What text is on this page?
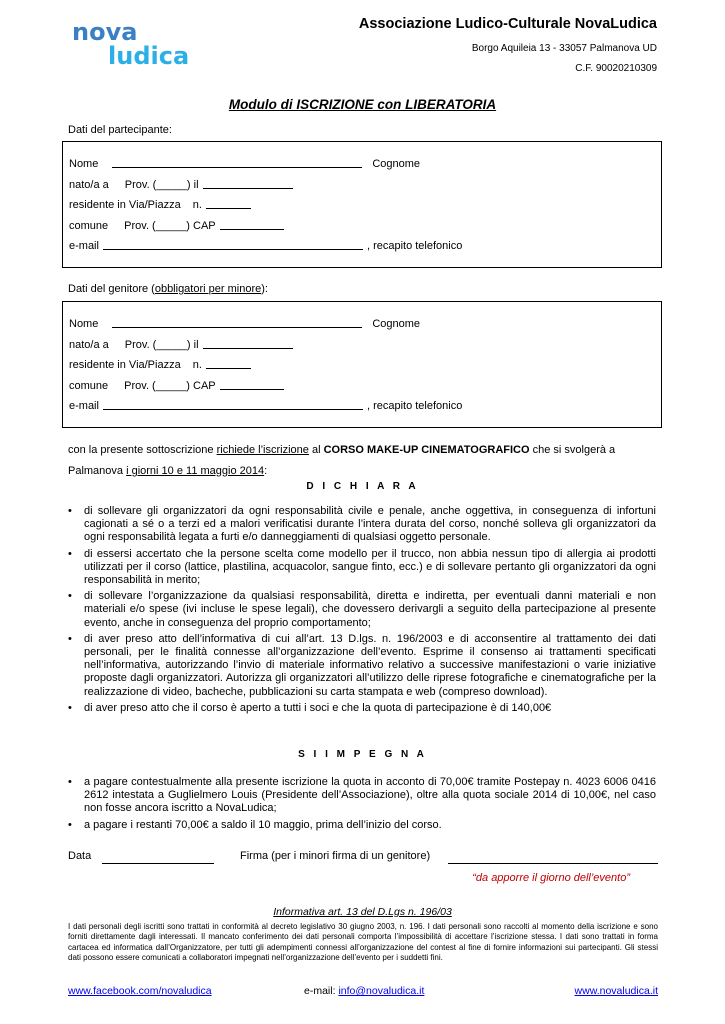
nova
ludica
Associazione Ludico-Culturale NovaLudica
Borgo Aquileia 13 - 33057 Palmanova UD
C.F. 90020210309
Modulo di ISCRIZIONE con LIBERATORIA
Dati del partecipante:
Nome	Cognome
nato/a a Prov. (_____) il
residente in Via/Piazza n.
comune Prov. (_____) CAP
e-mail	, recapito telefonico
Dati del genitore (obbligatori per minore):
Nome	Cognome
nato/a a Prov. (_____) il
residente in Via/Piazza n.
comune Prov. (_____) CAP
e-mail	, recapito telefonico
con la presente sottoscrizione richiede l’iscrizione al CORSO MAKE-UP CINEMATOGRAFICO che si svolgerà a Palmanova i giorni 10 e 11 maggio 2014:
D I C H I A R A
• di sollevare gli organizzatori da ogni responsabilità civile e penale, anche oggettiva, in conseguenza di infortuni cagionati a sé o a terzi ed a malori verificatisi durante l’intera durata del corso, nonché solleva gli organizzatori da ogni responsabilità legata a furti e/o danneggiamenti di qualsiasi oggetto personale.
• di essersi accertato che la persone scelta come modello per il trucco, non abbia nessun tipo di allergia ai prodotti utilizzati per il corso (lattice, plastilina, acquacolor, sangue finto, ecc.) e di sollevare pertanto gli organizzatori da ogni responsabilità in merito;
• di sollevare l’organizzazione da qualsiasi responsabilità, diretta e indiretta, per eventuali danni materiali e non materiali e/o spese (ivi incluse le spese legali), che dovessero derivargli a seguito della partecipazione al presente evento, anche in conseguenza del proprio comportamento;
• di aver preso atto dell’informativa di cui all’art. 13 D.lgs. n. 196/2003 e di acconsentire al trattamento dei dati personali, per le finalità connesse all’organizzazione dell’evento. Esprime il consenso ai trattamenti specificati nell’informativa, autorizzando l’invio di materiale informativo relativo a successive manifestazioni o varie iniziative proposte dagli organizzatori. Autorizza gli organizzatori all’utilizzo delle riprese fotografiche e cinematografiche per la realizzazione di video, bacheche, pubblicazioni su carta stampata e web (compreso download).
• di aver preso atto che il corso è aperto a tutti i soci e che la quota di partecipazione è di 140,00€
S I I M P E G N A
• a pagare contestualmente alla presente iscrizione la quota in acconto di 70,00€ tramite Postepay n. 4023 6006 0416 2612 intestata a Guglielmero Louis (Presidente dell’Associazione), oltre alla quota sociale 2014 di 10,00€, nel caso non fosse ancora iscritto a NovaLudica;
• a pagare i restanti 70,00€ a saldo il 10 maggio, prima dell’inizio del corso.
Data	Firma (per i minori firma di un genitore)
“da apporre il giorno dell’evento”
Informativa art. 13 del D.Lgs n. 196/03
I dati personali degli iscritti sono trattati in conformità al decreto legislativo 30 giugno 2003, n. 196. I dati personali sono raccolti al momento della iscrizione e sono forniti direttamente dagli interessati. Il mancato conferimento dei dati personali comporta l’impossibilità di accettare l’iscrizione stessa. I dati sono trattati in forma cartacea ed informatica dall’Organizzatore, per tutti gli adempimenti connessi all’organizzazione del contest al fine di fornire informazioni sui partecipanti. Gli stessi dati possono essere comunicati a collaboratori impegnati nell’organizzazione dell’evento per i suddetti fini.
www.facebook.com/novaludica	e-mail: info@novaludica.it	www.novaludica.it
